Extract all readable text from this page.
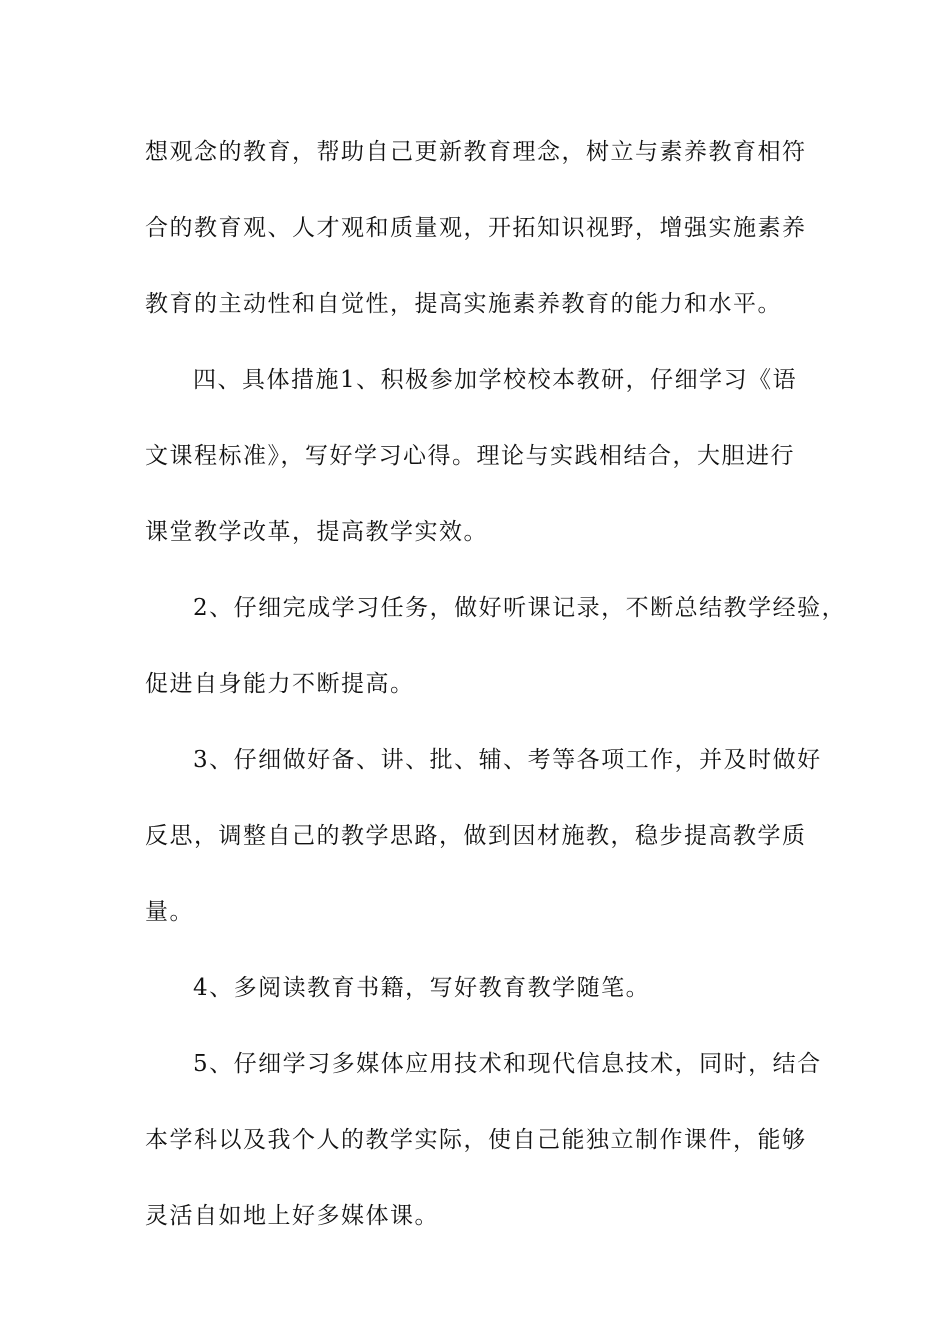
想观念的教育，帮助自己更新教育理念，树立与素养教育相符
合的教育观、人才观和质量观，开拓知识视野，增强实施素养
教育的主动性和自觉性，提高实施素养教育的能力和水平。
四、具体措施1、积极参加学校校本教研，仔细学习《语
文课程标准》，写好学习心得。理论与实践相结合，大胆进行
课堂教学改革，提高教学实效。
2、仔细完成学习任务，做好听课记录，不断总结教学经验，
促进自身能力不断提高。
3、仔细做好备、讲、批、辅、考等各项工作，并及时做好
反思，调整自己的教学思路，做到因材施教，稳步提高教学质
量。
4、多阅读教育书籍，写好教育教学随笔。
5、仔细学习多媒体应用技术和现代信息技术，同时，结合
本学科以及我个人的教学实际，使自己能独立制作课件，能够
灵活自如地上好多媒体课。
